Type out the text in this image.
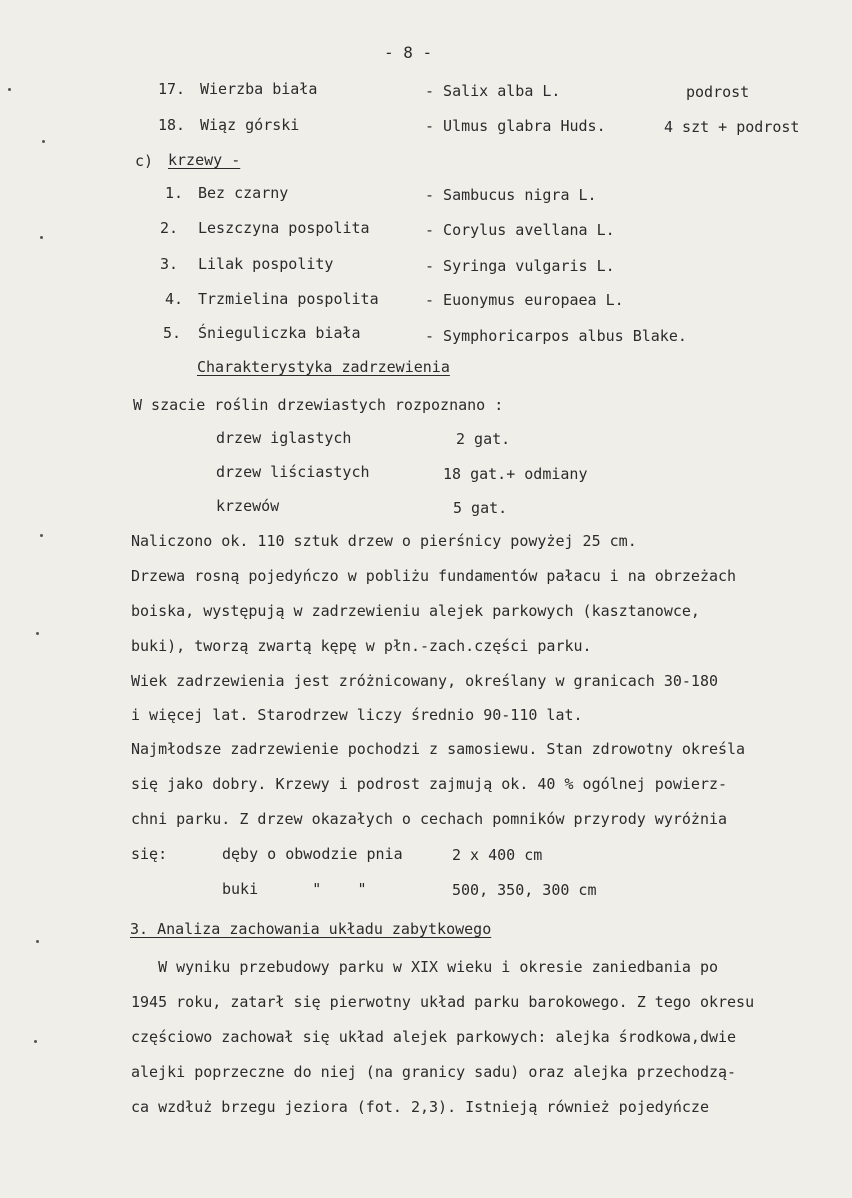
- 8 -
17. Wierzba biała	- Salix alba L.	podrost
18. Wiąz górski	- Ulmus glabra Huds.	4 szt + podrost
c) krzewy -
1. Bez czarny	- Sambucus nigra L.
2. Leszczyna pospolita	- Corylus avellana L.
3. Lilak pospolity	- Syringa vulgaris L.
4. Trzmielina pospolita	- Euonymus europaea L.
5. Śnieguliczka biała	- Symphoricarpos albus Blake.
Charakterystyka zadrzewienia
W szacie roślin drzewiastych rozpoznano :
drzew iglastych	2 gat.
drzew liściastych	18 gat.+ odmiany
krzewów	5 gat.
Naliczono ok. 110 sztuk drzew o pierśnicy powyżej 25 cm.
Drzewa rosną pojedyńczo w pobliżu fundamentów pałacu i na obrzeżach
boiska, występują w zadrzewieniu alejek parkowych (kasztanowce,
buki), tworzą zwartą kępę w płn.-zach.części parku.
Wiek zadrzewienia jest zróżnicowany, określany w granicach 30-180
i więcej lat. Starodrzew liczy średnio 90-110 lat.
Najmłodsze zadrzewienie pochodzi z samosiewu. Stan zdrowotny określa
się jako dobry. Krzewy i podrost zajmują ok. 40 % ogólnej powierz-
chni parku. Z drzew okazałych o cechach pomników przyrody wyróżnia
się:	dęby o obwodzie pnia	2 x 400 cm
buki      "    "	500, 350, 300 cm
3. Analiza zachowania układu zabytkowego
W wyniku przebudowy parku w XIX wieku i okresie zaniedbania po
1945 roku, zatarł się pierwotny układ parku barokowego. Z tego okresu
częściowo zachował się układ alejek parkowych: alejka środkowa,dwie
alejki poprzeczne do niej (na granicy sadu) oraz alejka przechodzą-
ca wzdłuż brzegu jeziora (fot. 2,3). Istnieją również pojedyńcze
